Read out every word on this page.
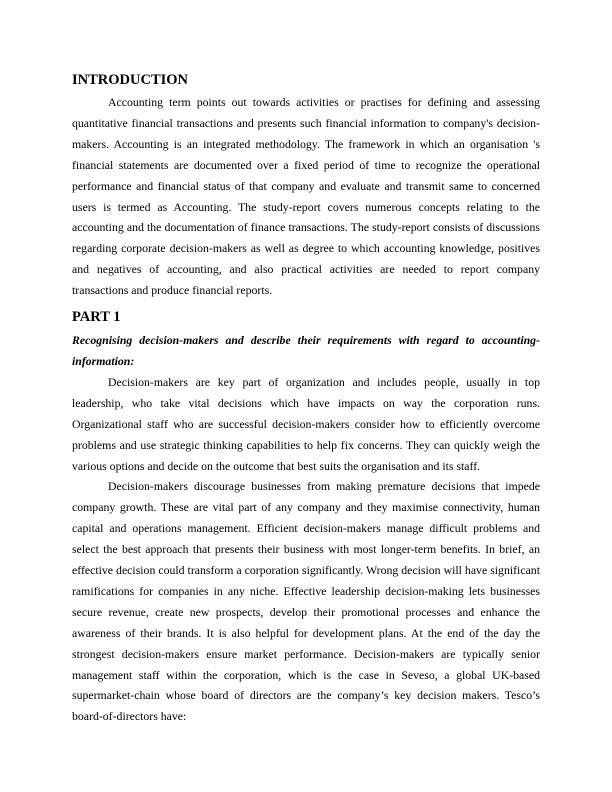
INTRODUCTION

Accounting term points out towards activities or practises for defining and assessing quantitative financial transactions and presents such financial information to company's decision-makers. Accounting is an integrated methodology. The framework in which an organisation 's financial statements are documented over a fixed period of time to recognize the operational performance and financial status of that company and evaluate and transmit same to concerned users is termed as Accounting. The study-report covers numerous concepts relating to the accounting and the documentation of finance transactions. The study-report consists of discussions regarding corporate decision-makers as well as degree to which accounting knowledge, positives and negatives of accounting, and also practical activities are needed to report company transactions and produce financial reports.

PART 1

Recognising decision-makers and describe their requirements with regard to accounting-information:

Decision-makers are key part of organization and includes people, usually in top leadership, who take vital decisions which have impacts on way the corporation runs. Organizational staff who are successful decision-makers consider how to efficiently overcome problems and use strategic thinking capabilities to help fix concerns. They can quickly weigh the various options and decide on the outcome that best suits the organisation and its staff.

Decision-makers discourage businesses from making premature decisions that impede company growth. These are vital part of any company and they maximise connectivity, human capital and operations management. Efficient decision-makers manage difficult problems and select the best approach that presents their business with most longer-term benefits. In brief, an effective decision could transform a corporation significantly. Wrong decision will have significant ramifications for companies in any niche. Effective leadership decision-making lets businesses secure revenue, create new prospects, develop their promotional processes and enhance the awareness of their brands. It is also helpful for development plans. At the end of the day the strongest decision-makers ensure market performance. Decision-makers are typically senior management staff within the corporation, which is the case in Seveso, a global UK-based supermarket-chain whose board of directors are the company’s key decision makers. Tesco’s board-of-directors have:
